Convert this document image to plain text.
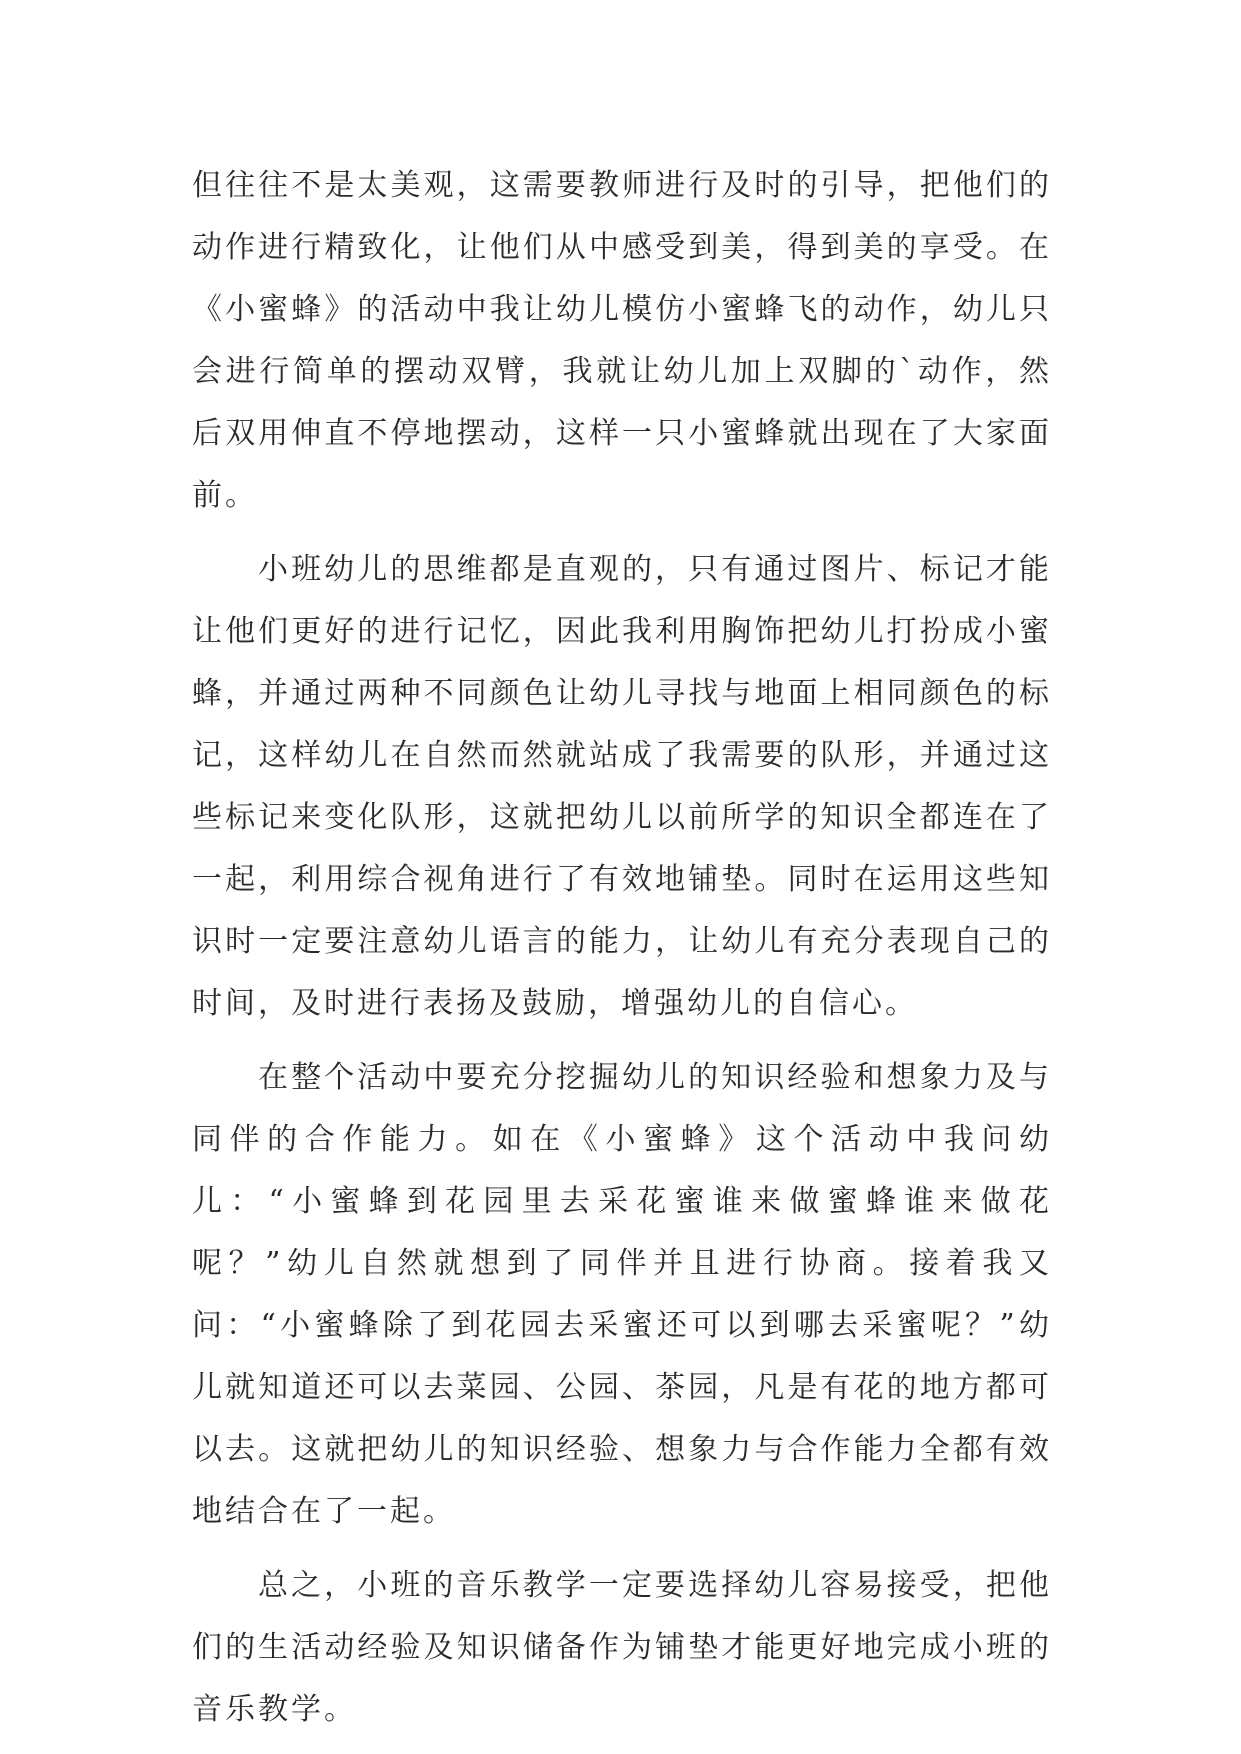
但往往不是太美观，这需要教师进行及时的引导，把他们的动作进行精致化，让他们从中感受到美，得到美的享受。在《小蜜蜂》的活动中我让幼儿模仿小蜜蜂飞的动作，幼儿只会进行简单的摆动双臂，我就让幼儿加上双脚的`动作，然后双用伸直不停地摆动，这样一只小蜜蜂就出现在了大家面前。

小班幼儿的思维都是直观的，只有通过图片、标记才能让他们更好的进行记忆，因此我利用胸饰把幼儿打扮成小蜜蜂，并通过两种不同颜色让幼儿寻找与地面上相同颜色的标记，这样幼儿在自然而然就站成了我需要的队形，并通过这些标记来变化队形，这就把幼儿以前所学的知识全都连在了一起，利用综合视角进行了有效地铺垫。同时在运用这些知识时一定要注意幼儿语言的能力，让幼儿有充分表现自己的时间，及时进行表扬及鼓励，增强幼儿的自信心。

在整个活动中要充分挖掘幼儿的知识经验和想象力及与同伴的合作能力。如在《小蜜蜂》这个活动中我问幼儿：“小蜜蜂到花园里去采花蜜谁来做蜜蜂谁来做花呢？”幼儿自然就想到了同伴并且进行协商。接着我又问：“小蜜蜂除了到花园去采蜜还可以到哪去采蜜呢？”幼儿就知道还可以去菜园、公园、茶园，凡是有花的地方都可以去。这就把幼儿的知识经验、想象力与合作能力全都有效地结合在了一起。

总之，小班的音乐教学一定要选择幼儿容易接受，把他们的生活动经验及知识储备作为铺垫才能更好地完成小班的音乐教学。
